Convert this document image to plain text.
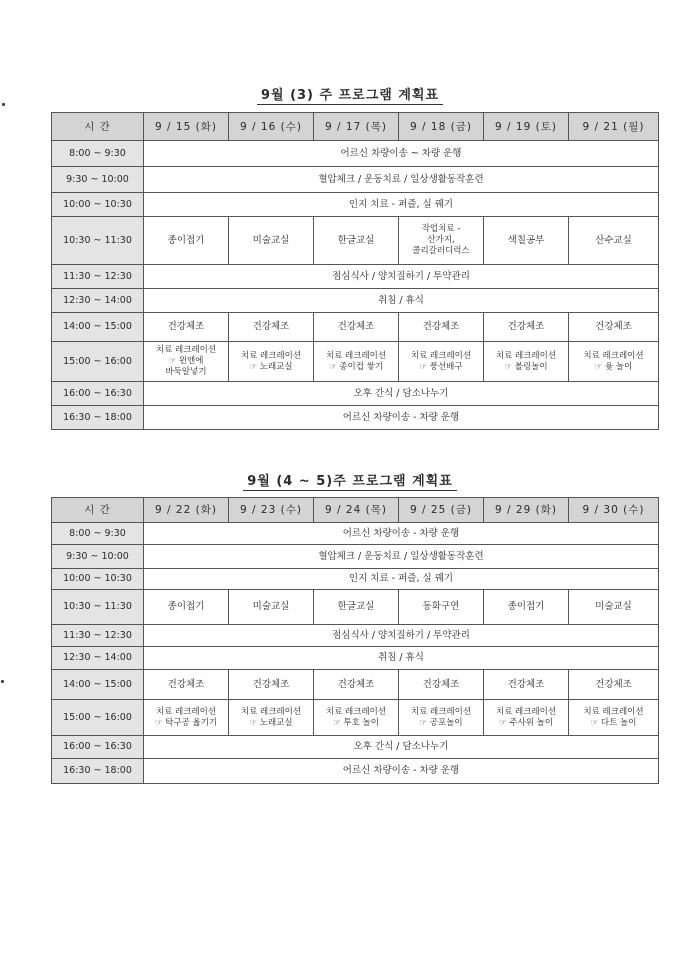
9월 (3) 주 프로그램 계획표
시 간	9 / 15 (화)	9 / 16 (수)	9 / 17 (목)	9 / 18 (금)	9 / 19 (토)	9 / 21 (월)
8:00 ~ 9:30	어르신 차량이송 ~ 차량 운행					
9:30 ~ 10:00	혈압체크 / 운동치료 / 일상생활동작훈련					
10:00 ~ 10:30	인지 치료 - 퍼즐, 실 꿰기					
10:30 ~ 11:30	종이접기	미술교실	한글교실	작업치료 -
산가지,
콜리갈러디럭스	색칠공부	산수교실
11:30 ~ 12:30	점심식사 / 양치질하기 / 투약관리					
12:30 ~ 14:00	취침 / 휴식					
14:00 ~ 15:00	건강체조	건강체조	건강체조	건강체조	건강체조	건강체조
15:00 ~ 16:00	치료 레크레이션
☞ 윈앤에
바둑알넣기	치료 레크레이션
☞ 노래교실	치료 레크레이션
☞ 종이컵 쌓기	치료 레크레이션
☞ 풍선배구	치료 레크레이션
☞ 볼링놀이	치료 레크레이션
☞ 윷 놀이
16:00 ~ 16:30	오후 간식 / 담소나누기					
16:30 ~ 18:00	어르신 차량이송 - 차량 운행					
9월 (4 ~ 5)주 프로그램 계획표
시 간	9 / 22 (화)	9 / 23 (수)	9 / 24 (목)	9 / 25 (금)	9 / 29 (화)	9 / 30 (수)
8:00 ~ 9:30	어르신 차량이송 - 차량 운행					
9:30 ~ 10:00	혈압체크 / 운동치료 / 일상생활동작훈련					
10:00 ~ 10:30	인지 치료 - 퍼즐, 실 꿰기					
10:30 ~ 11:30	종이접기	미술교실	한글교실	동화구연	종이접기	미술교실
11:30 ~ 12:30	점심식사 / 양치질하기 / 투약관리					
12:30 ~ 14:00	취침 / 휴식					
14:00 ~ 15:00	건강체조	건강체조	건강체조	건강체조	건강체조	건강체조
15:00 ~ 16:00	치료 레크레이션
☞ 탁구공 옮기기	치료 레크레이션
☞ 노래교실	치료 레크레이션
☞ 투호 놀이	치료 레크레이션
☞ 공포놀이	치료 레크레이션
☞ 주사위 놀이	치료 레크레이션
☞ 다트 놀이
16:00 ~ 16:30	오후 간식 / 담소나누기					
16:30 ~ 18:00	어르신 차량이송 - 차량 운행					
